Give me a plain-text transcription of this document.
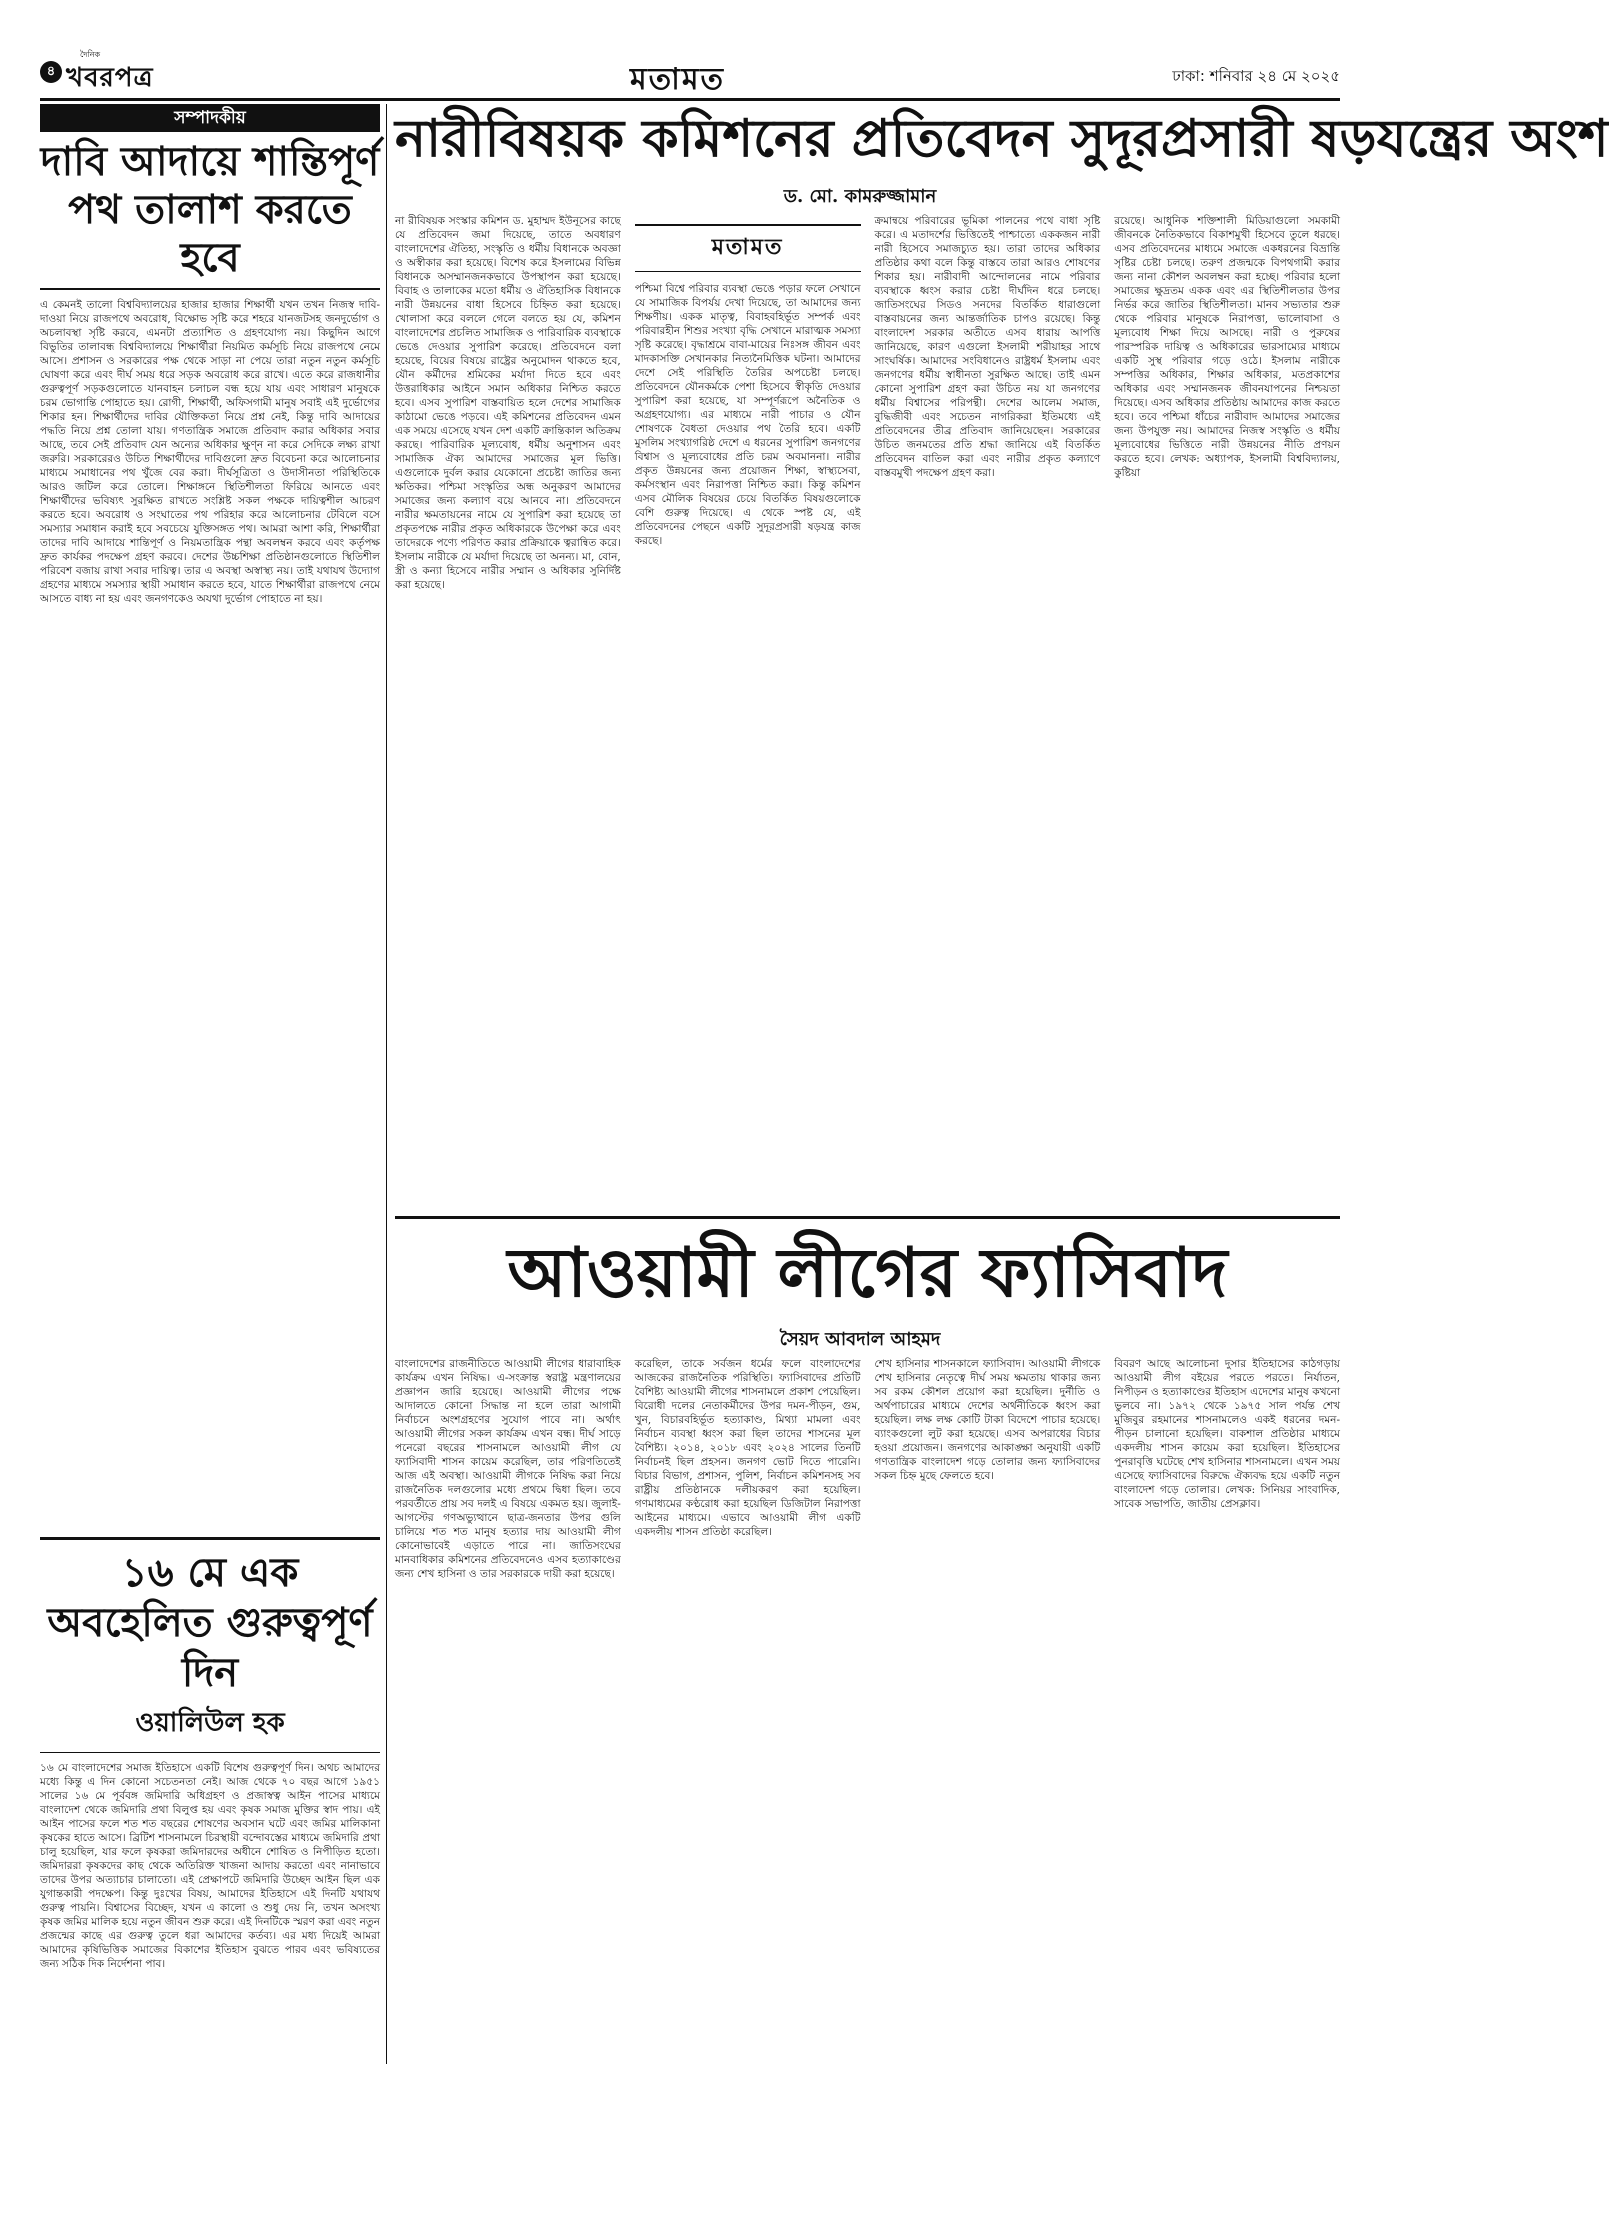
৪
দৈনিক
খবরপত্র	মতামত	ঢাকা: শনিবার ২৪ মে ২০২৫
সম্পাদকীয়
দাবি আদায়ে শান্তিপূর্ণ পথ তালাশ করতে হবে
এ কেমনই তালো বিশ্ববিদ্যালয়ের হাজার হাজার শিক্ষার্থী যখন তখন নিজস্ব দাবি-দাওয়া নিয়ে রাজপথে অবরোধ, বিক্ষোভ সৃষ্টি করে শহরে যানজটসহ জনদুর্ভোগ ও অচলাবস্থা সৃষ্টি করবে, এমনটা প্রত্যাশিত ও গ্রহণযোগ্য নয়। কিছুদিন আগে বিভুতির তালাবন্ধ বিশ্ববিদ্যালয়ে শিক্ষার্থীরা নিয়মিত কর্মসূচি নিয়ে রাজপথে নেমে আসে। প্রশাসন ও সরকারের পক্ষ থেকে সাড়া না পেয়ে তারা নতুন নতুন কর্মসূচি ঘোষণা করে এবং দীর্ঘ সময় ধরে সড়ক অবরোধ করে রাখে। এতে করে রাজধানীর গুরুত্বপূর্ণ সড়কগুলোতে যানবাহন চলাচল বন্ধ হয়ে যায় এবং সাধারণ মানুষকে চরম ভোগান্তি পোহাতে হয়। রোগী, শিক্ষার্থী, অফিসগামী মানুষ সবাই এই দুর্ভোগের শিকার হন। শিক্ষার্থীদের দাবির যৌক্তিকতা নিয়ে প্রশ্ন নেই, কিন্তু দাবি আদায়ের পদ্ধতি নিয়ে প্রশ্ন তোলা যায়। গণতান্ত্রিক সমাজে প্রতিবাদ করার অধিকার সবার আছে, তবে সেই প্রতিবাদ যেন অন্যের অধিকার ক্ষুণ্ন না করে সেদিকে লক্ষ্য রাখা জরুরি। সরকারেরও উচিত শিক্ষার্থীদের দাবিগুলো দ্রুত বিবেচনা করে আলোচনার মাধ্যমে সমাধানের পথ খুঁজে বের করা। দীর্ঘসূত্রিতা ও উদাসীনতা পরিস্থিতিকে আরও জটিল করে তোলে। শিক্ষাঙ্গনে স্থিতিশীলতা ফিরিয়ে আনতে এবং শিক্ষার্থীদের ভবিষ্যৎ সুরক্ষিত রাখতে সংশ্লিষ্ট সকল পক্ষকে দায়িত্বশীল আচরণ করতে হবে। অবরোধ ও সংঘাতের পথ পরিহার করে আলোচনার টেবিলে বসে সমস্যার সমাধান করাই হবে সবচেয়ে যুক্তিসঙ্গত পথ। আমরা আশা করি, শিক্ষার্থীরা তাদের দাবি আদায়ে শান্তিপূর্ণ ও নিয়মতান্ত্রিক পন্থা অবলম্বন করবে এবং কর্তৃপক্ষ দ্রুত কার্যকর পদক্ষেপ গ্রহণ করবে। দেশের উচ্চশিক্ষা প্রতিষ্ঠানগুলোতে স্থিতিশীল পরিবেশ বজায় রাখা সবার দায়িত্ব। তার এ অবস্থা অস্বাস্থ্য নয়। তাই যথাযথ উদ্যোগ গ্রহণের মাধ্যমে সমস্যার স্থায়ী সমাধান করতে হবে, যাতে শিক্ষার্থীরা রাজপথে নেমে আসতে বাধ্য না হয় এবং জনগণকেও অযথা দুর্ভোগ পোহাতে না হয়।
১৬ মে এক অবহেলিত গুরুত্বপূর্ণ দিন
ওয়ালিউল হক
১৬ মে বাংলাদেশের সমাজ ইতিহাসে একটি বিশেষ গুরুত্বপূর্ণ দিন। অথচ আমাদের মধ্যে কিন্তু এ দিন কোনো সচেতনতা নেই। আজ থেকে ৭০ বছর আগে ১৯৫১ সালের ১৬ মে পূর্ববঙ্গ জমিদারি অধিগ্রহণ ও প্রজাস্বত্ব আইন পাসের মাধ্যমে বাংলাদেশ থেকে জমিদারি প্রথা বিলুপ্ত হয় এবং কৃষক সমাজ মুক্তির স্বাদ পায়। এই আইন পাসের ফলে শত শত বছরের শোষণের অবসান ঘটে এবং জমির মালিকানা কৃষকের হাতে আসে। ব্রিটিশ শাসনামলে চিরস্থায়ী বন্দোবস্তের মাধ্যমে জমিদারি প্রথা চালু হয়েছিল, যার ফলে কৃষকরা জমিদারদের অধীনে শোষিত ও নিপীড়িত হতো। জমিদাররা কৃষকদের কাছ থেকে অতিরিক্ত খাজনা আদায় করতো এবং নানাভাবে তাদের উপর অত্যাচার চালাতো। এই প্রেক্ষাপটে জমিদারি উচ্ছেদ আইন ছিল এক যুগান্তকারী পদক্ষেপ। কিন্তু দুঃখের বিষয়, আমাদের ইতিহাসে এই দিনটি যথাযথ গুরুত্ব পায়নি। বিশ্বাসের বিচ্ছেদ, যখন এ কালো ও শুধু দেয় নি, তখন অসংখ্য কৃষক জমির মালিক হয়ে নতুন জীবন শুরু করে। এই দিনটিকে স্মরণ করা এবং নতুন প্রজন্মের কাছে এর গুরুত্ব তুলে ধরা আমাদের কর্তব্য। এর মধ্য দিয়েই আমরা আমাদের কৃষিভিত্তিক সমাজের বিকাশের ইতিহাস বুঝতে পারব এবং ভবিষ্যতের জন্য সঠিক দিক নির্দেশনা পাব।
নারীবিষয়ক কমিশনের প্রতিবেদন সুদূরপ্রসারী ষড়যন্ত্রের অংশ
ড. মো. কামরুজ্জামান
না রীবিষয়ক সংস্কার কমিশন ড. মুহাম্মদ ইউনূসের কাছে যে প্রতিবেদন জমা দিয়েছে, তাতে অবধারণ বাংলাদেশের ঐতিহ্য, সংস্কৃতি ও ধর্মীয় বিধানকে অবজ্ঞা ও অস্বীকার করা হয়েছে। বিশেষ করে ইসলামের বিভিন্ন বিধানকে অসম্মানজনকভাবে উপস্থাপন করা হয়েছে। বিবাহ ও তালাকের মতো ধর্মীয় ও ঐতিহাসিক বিধানকে নারী উন্নয়নের বাধা হিসেবে চিহ্নিত করা হয়েছে। খোলাসা করে বললে গেলে বলতে হয় যে, কমিশন বাংলাদেশের প্রচলিত সামাজিক ও পারিবারিক ব্যবস্থাকে ভেঙে দেওয়ার সুপারিশ করেছে। প্রতিবেদনে বলা হয়েছে, বিয়ের বিষয়ে রাষ্ট্রের অনুমোদন থাকতে হবে, যৌন কর্মীদের শ্রমিকের মর্যাদা দিতে হবে এবং উত্তরাধিকার আইনে সমান অধিকার নিশ্চিত করতে হবে। এসব সুপারিশ বাস্তবায়িত হলে দেশের সামাজিক কাঠামো ভেঙে পড়বে। এই কমিশনের প্রতিবেদন এমন এক সময়ে এসেছে যখন দেশ একটি ক্রান্তিকাল অতিক্রম করছে। পারিবারিক মূল্যবোধ, ধর্মীয় অনুশাসন এবং সামাজিক ঐক্য আমাদের সমাজের মূল ভিত্তি। এগুলোকে দুর্বল করার যেকোনো প্রচেষ্টা জাতির জন্য ক্ষতিকর। পশ্চিমা সংস্কৃতির অন্ধ অনুকরণ আমাদের সমাজের জন্য কল্যাণ বয়ে আনবে না। প্রতিবেদনে নারীর ক্ষমতায়নের নামে যে সুপারিশ করা হয়েছে তা প্রকৃতপক্ষে নারীর প্রকৃত অধিকারকে উপেক্ষা করে এবং তাদেরকে পণ্যে পরিণত করার প্রক্রিয়াকে ত্বরান্বিত করে। ইসলাম নারীকে যে মর্যাদা দিয়েছে তা অনন্য। মা, বোন, স্ত্রী ও কন্যা হিসেবে নারীর সম্মান ও অধিকার সুনির্দিষ্ট করা হয়েছে।
মতামত
পশ্চিমা বিশ্বে পরিবার ব্যবস্থা ভেঙে পড়ার ফলে সেখানে যে সামাজিক বিপর্যয় দেখা দিয়েছে, তা আমাদের জন্য শিক্ষণীয়। একক মাতৃত্ব, বিবাহবহির্ভূত সম্পর্ক এবং পরিবারহীন শিশুর সংখ্যা বৃদ্ধি সেখানে মারাত্মক সমস্যা সৃষ্টি করেছে। বৃদ্ধাশ্রমে বাবা-মায়ের নিঃসঙ্গ জীবন এবং মাদকাসক্তি সেখানকার নিত্যনৈমিত্তিক ঘটনা। আমাদের দেশে সেই পরিস্থিতি তৈরির অপচেষ্টা চলছে। প্রতিবেদনে যৌনকর্মকে পেশা হিসেবে স্বীকৃতি দেওয়ার সুপারিশ করা হয়েছে, যা সম্পূর্ণরূপে অনৈতিক ও অগ্রহণযোগ্য। এর মাধ্যমে নারী পাচার ও যৌন শোষণকে বৈধতা দেওয়ার পথ তৈরি হবে। একটি মুসলিম সংখ্যাগরিষ্ঠ দেশে এ ধরনের সুপারিশ জনগণের বিশ্বাস ও মূল্যবোধের প্রতি চরম অবমাননা। নারীর প্রকৃত উন্নয়নের জন্য প্রয়োজন শিক্ষা, স্বাস্থ্যসেবা, কর্মসংস্থান এবং নিরাপত্তা নিশ্চিত করা। কিন্তু কমিশন এসব মৌলিক বিষয়ের চেয়ে বিতর্কিত বিষয়গুলোকে বেশি গুরুত্ব দিয়েছে। এ থেকে স্পষ্ট যে, এই প্রতিবেদনের পেছনে একটি সুদূরপ্রসারী ষড়যন্ত্র কাজ করছে।
ক্রমান্বয়ে পরিবারের ভূমিকা পালনের পথে বাধা সৃষ্টি করে। এ মতাদর্শের ভিত্তিতেই পাশ্চাত্যে এককজন নারী নারী হিসেবে সমাজচ্যুত হয়। তারা তাদের অধিকার প্রতিষ্ঠার কথা বলে কিন্তু বাস্তবে তারা আরও শোষণের শিকার হয়। নারীবাদী আন্দোলনের নামে পরিবার ব্যবস্থাকে ধ্বংস করার চেষ্টা দীর্ঘদিন ধরে চলছে। জাতিসংঘের সিডও সনদের বিতর্কিত ধারাগুলো বাস্তবায়নের জন্য আন্তর্জাতিক চাপও রয়েছে। কিন্তু বাংলাদেশ সরকার অতীতে এসব ধারায় আপত্তি জানিয়েছে, কারণ এগুলো ইসলামী শরীয়াহর সাথে সাংঘর্ষিক। আমাদের সংবিধানেও রাষ্ট্রধর্ম ইসলাম এবং জনগণের ধর্মীয় স্বাধীনতা সুরক্ষিত আছে। তাই এমন কোনো সুপারিশ গ্রহণ করা উচিত নয় যা জনগণের ধর্মীয় বিশ্বাসের পরিপন্থী। দেশের আলেম সমাজ, বুদ্ধিজীবী এবং সচেতন নাগরিকরা ইতিমধ্যে এই প্রতিবেদনের তীব্র প্রতিবাদ জানিয়েছেন। সরকারের উচিত জনমতের প্রতি শ্রদ্ধা জানিয়ে এই বিতর্কিত প্রতিবেদন বাতিল করা এবং নারীর প্রকৃত কল্যাণে বাস্তবমুখী পদক্ষেপ গ্রহণ করা।
রয়েছে। আধুনিক শক্তিশালী মিডিয়াগুলো সমকামী জীবনকে নৈতিকভাবে বিকাশমুখী হিসেবে তুলে ধরছে। এসব প্রতিবেদনের মাধ্যমে সমাজে একধরনের বিভ্রান্তি সৃষ্টির চেষ্টা চলছে। তরুণ প্রজন্মকে বিপথগামী করার জন্য নানা কৌশল অবলম্বন করা হচ্ছে। পরিবার হলো সমাজের ক্ষুদ্রতম একক এবং এর স্থিতিশীলতার উপর নির্ভর করে জাতির স্থিতিশীলতা। মানব সভ্যতার শুরু থেকে পরিবার মানুষকে নিরাপত্তা, ভালোবাসা ও মূল্যবোধ শিক্ষা দিয়ে আসছে। নারী ও পুরুষের পারস্পরিক দায়িত্ব ও অধিকারের ভারসাম্যের মাধ্যমে একটি সুস্থ পরিবার গড়ে ওঠে। ইসলাম নারীকে সম্পত্তির অধিকার, শিক্ষার অধিকার, মতপ্রকাশের অধিকার এবং সম্মানজনক জীবনযাপনের নিশ্চয়তা দিয়েছে। এসব অধিকার প্রতিষ্ঠায় আমাদের কাজ করতে হবে। তবে পশ্চিমা ধাঁচের নারীবাদ আমাদের সমাজের জন্য উপযুক্ত নয়। আমাদের নিজস্ব সংস্কৃতি ও ধর্মীয় মূল্যবোধের ভিত্তিতে নারী উন্নয়নের নীতি প্রণয়ন করতে হবে। লেখক: অধ্যাপক, ইসলামী বিশ্ববিদ্যালয়, কুষ্টিয়া
আওয়ামী লীগের ফ্যাসিবাদ
সৈয়দ আবদাল আহমদ
বাংলাদেশের রাজনীতিতে আওয়ামী লীগের ধারাবাহিক কার্যক্রম এখন নিষিদ্ধ। এ-সংক্রান্ত স্বরাষ্ট্র মন্ত্রণালয়ের প্রজ্ঞাপন জারি হয়েছে। আওয়ামী লীগের পক্ষে আদালতে কোনো সিদ্ধান্ত না হলে তারা আগামী নির্বাচনে অংশগ্রহণের সুযোগ পাবে না। অর্থাৎ আওয়ামী লীগের সকল কার্যক্রম এখন বন্ধ। দীর্ঘ সাড়ে পনেরো বছরের শাসনামলে আওয়ামী লীগ যে ফ্যাসিবাদী শাসন কায়েম করেছিল, তার পরিণতিতেই আজ এই অবস্থা। আওয়ামী লীগকে নিষিদ্ধ করা নিয়ে রাজনৈতিক দলগুলোর মধ্যে প্রথমে দ্বিধা ছিল। তবে পরবর্তীতে প্রায় সব দলই এ বিষয়ে একমত হয়। জুলাই-আগস্টের গণঅভ্যুত্থানে ছাত্র-জনতার উপর গুলি চালিয়ে শত শত মানুষ হত্যার দায় আওয়ামী লীগ কোনোভাবেই এড়াতে পারে না। জাতিসংঘের মানবাধিকার কমিশনের প্রতিবেদনেও এসব হত্যাকাণ্ডের জন্য শেখ হাসিনা ও তার সরকারকে দায়ী করা হয়েছে।
করেছিল, তাকে সর্বজন ধর্মের ফলে বাংলাদেশের আজকের রাজনৈতিক পরিস্থিতি। ফ্যাসিবাদের প্রতিটি বৈশিষ্ট্য আওয়ামী লীগের শাসনামলে প্রকাশ পেয়েছিল। বিরোধী দলের নেতাকর্মীদের উপর দমন-পীড়ন, গুম, খুন, বিচারবহির্ভূত হত্যাকাণ্ড, মিথ্যা মামলা এবং নির্বাচন ব্যবস্থা ধ্বংস করা ছিল তাদের শাসনের মূল বৈশিষ্ট্য। ২০১৪, ২০১৮ এবং ২০২৪ সালের তিনটি নির্বাচনই ছিল প্রহসন। জনগণ ভোট দিতে পারেনি। বিচার বিভাগ, প্রশাসন, পুলিশ, নির্বাচন কমিশনসহ সব রাষ্ট্রীয় প্রতিষ্ঠানকে দলীয়করণ করা হয়েছিল। গণমাধ্যমের কণ্ঠরোধ করা হয়েছিল ডিজিটাল নিরাপত্তা আইনের মাধ্যমে। এভাবে আওয়ামী লীগ একটি একদলীয় শাসন প্রতিষ্ঠা করেছিল।
শেখ হাসিনার শাসনকালে ফ্যাসিবাদ। আওয়ামী লীগকে শেখ হাসিনার নেতৃত্বে দীর্ঘ সময় ক্ষমতায় থাকার জন্য সব রকম কৌশল প্রয়োগ করা হয়েছিল। দুর্নীতি ও অর্থপাচারের মাধ্যমে দেশের অর্থনীতিকে ধ্বংস করা হয়েছিল। লক্ষ লক্ষ কোটি টাকা বিদেশে পাচার হয়েছে। ব্যাংকগুলো লুট করা হয়েছে। এসব অপরাধের বিচার হওয়া প্রয়োজন। জনগণের আকাঙ্ক্ষা অনুযায়ী একটি গণতান্ত্রিক বাংলাদেশ গড়ে তোলার জন্য ফ্যাসিবাদের সকল চিহ্ন মুছে ফেলতে হবে।
বিবরণ আছে আলোচনা দুসার ইতিহাসের কাঠগড়ায় আওয়ামী লীগ বইয়ের পরতে পরতে। নির্যাতন, নিপীড়ন ও হত্যাকাণ্ডের ইতিহাস এদেশের মানুষ কখনো ভুলবে না। ১৯৭২ থেকে ১৯৭৫ সাল পর্যন্ত শেখ মুজিবুর রহমানের শাসনামলেও একই ধরনের দমন-পীড়ন চালানো হয়েছিল। বাকশাল প্রতিষ্ঠার মাধ্যমে একদলীয় শাসন কায়েম করা হয়েছিল। ইতিহাসের পুনরাবৃত্তি ঘটেছে শেখ হাসিনার শাসনামলে। এখন সময় এসেছে ফ্যাসিবাদের বিরুদ্ধে ঐক্যবদ্ধ হয়ে একটি নতুন বাংলাদেশ গড়ে তোলার। লেখক: সিনিয়র সাংবাদিক, সাবেক সভাপতি, জাতীয় প্রেসক্লাব।
